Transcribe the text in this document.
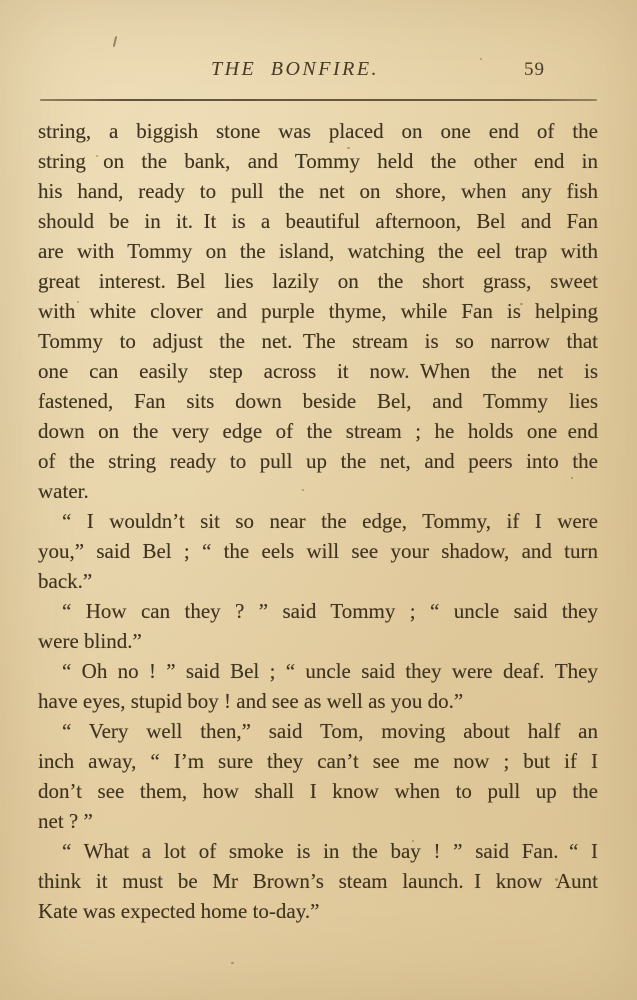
THE BONFIRE.	59
string, a biggish stone was placed on one end of the
string on the bank, and Tommy held the other end in
his hand, ready to pull the net on shore, when any fish
should be in it. It is a beautiful afternoon, Bel and Fan
are with Tommy on the island, watching the eel trap with
great interest. Bel lies lazily on the short grass, sweet
with white clover and purple thyme, while Fan is helping
Tommy to adjust the net. The stream is so narrow that
one can easily step across it now. When the net is
fastened, Fan sits down beside Bel, and Tommy lies
down on the very edge of the stream ; he holds one end
of the string ready to pull up the net, and peers into the
water.
“ I wouldn’t sit so near the edge, Tommy, if I were
you,” said Bel ; “ the eels will see your shadow, and turn
back.”
“ How can they ? ” said Tommy ; “ uncle said they
were blind.”
“ Oh no ! ” said Bel ; “ uncle said they were deaf. They
have eyes, stupid boy ! and see as well as you do.”
“ Very well then,” said Tom, moving about half an
inch away, “ I’m sure they can’t see me now ; but if I
don’t see them, how shall I know when to pull up the
net ? ”
“ What a lot of smoke is in the bay ! ” said Fan. “ I
think it must be Mr Brown’s steam launch. I know Aunt
Kate was expected home to-day.”
